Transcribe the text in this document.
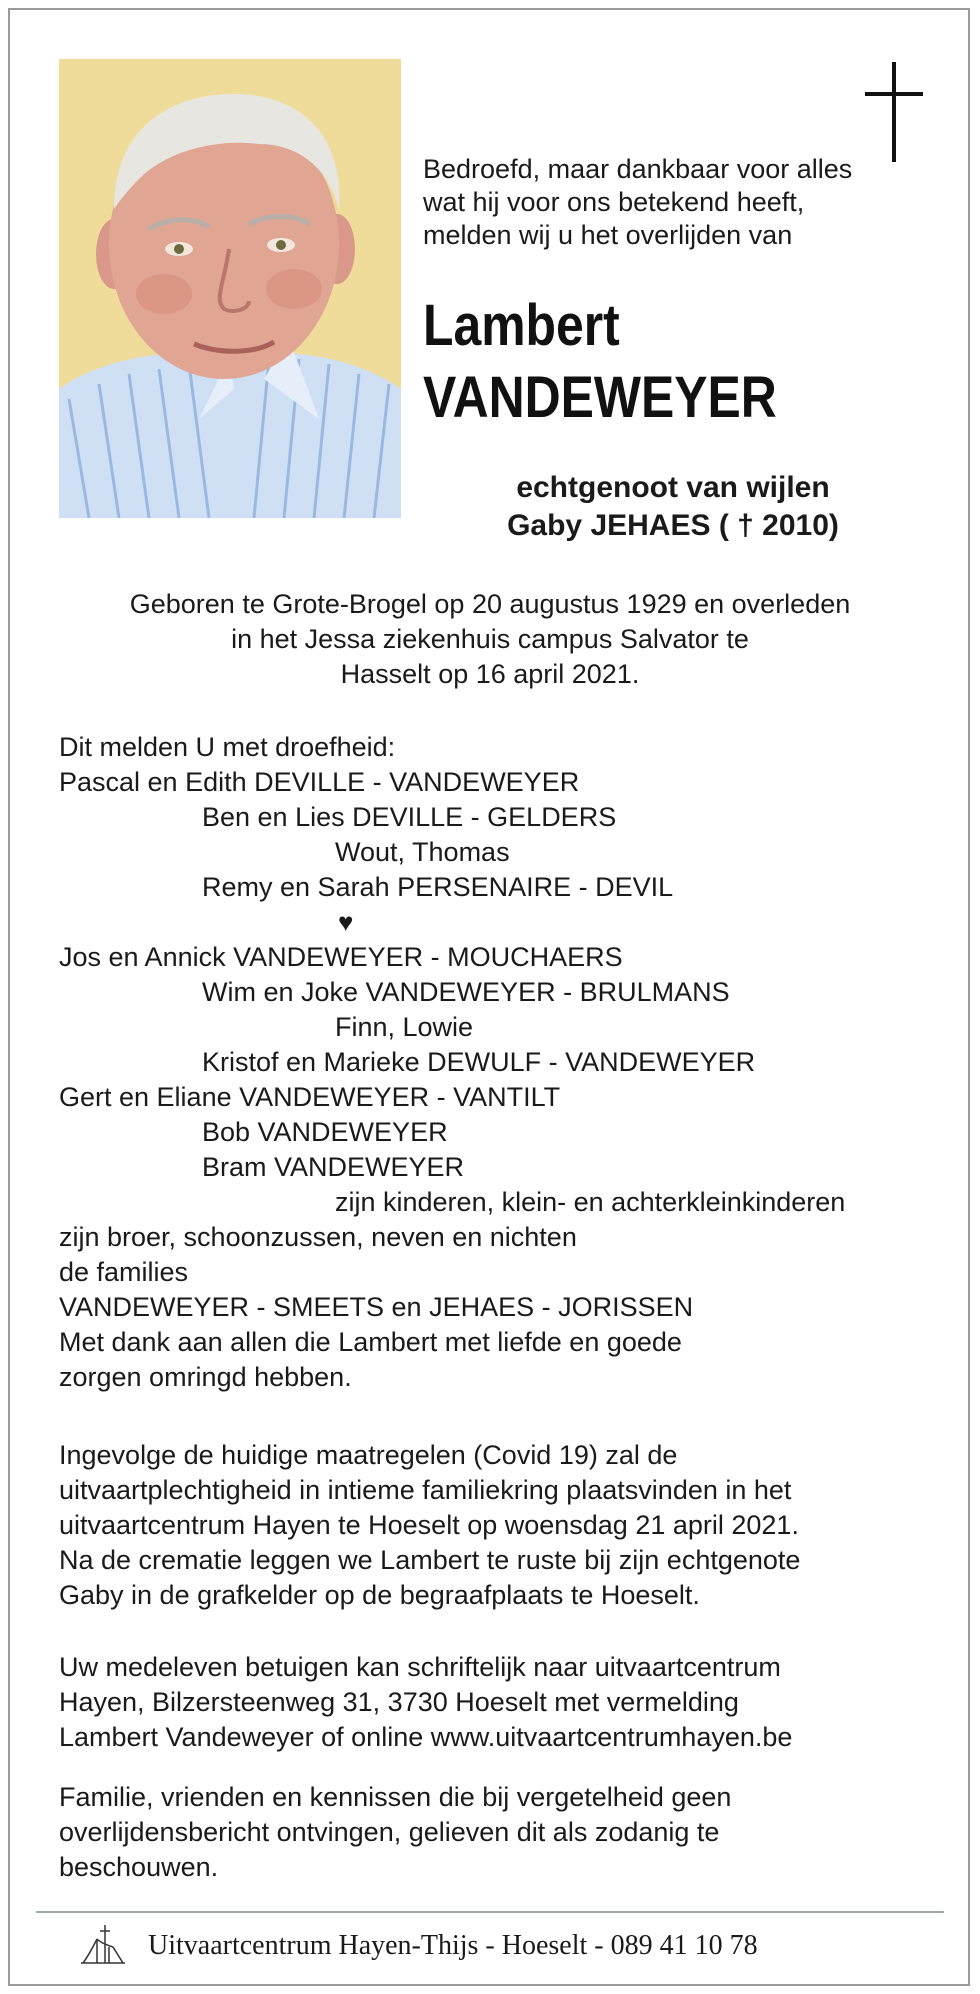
Bedroefd, maar dankbaar voor alles
wat hij voor ons betekend heeft,
melden wij u het overlijden van
Lambert
VANDEWEYER
echtgenoot van wijlen
Gaby JEHAES ( † 2010)
Geboren te Grote-Brogel op 20 augustus 1929 en overleden
in het Jessa ziekenhuis campus Salvator te
Hasselt op 16 april 2021.
Dit melden U met droefheid:
Pascal en Edith DEVILLE - VANDEWEYER
Ben en Lies DEVILLE - GELDERS
Wout, Thomas
Remy en Sarah PERSENAIRE - DEVIL
♥
Jos en Annick VANDEWEYER - MOUCHAERS
Wim en Joke VANDEWEYER - BRULMANS
Finn, Lowie
Kristof en Marieke DEWULF - VANDEWEYER
Gert en Eliane VANDEWEYER - VANTILT
Bob VANDEWEYER
Bram VANDEWEYER
zijn kinderen, klein- en achterkleinkinderen
zijn broer, schoonzussen, neven en nichten
de families
VANDEWEYER - SMEETS en JEHAES - JORISSEN
Met dank aan allen die Lambert met liefde en goede
zorgen omringd hebben.
Ingevolge de huidige maatregelen (Covid 19) zal de
uitvaartplechtigheid in intieme familiekring plaatsvinden in het
uitvaartcentrum Hayen te Hoeselt op woensdag 21 april 2021.
Na de crematie leggen we Lambert te ruste bij zijn echtgenote
Gaby in de grafkelder op de begraafplaats te Hoeselt.
Uw medeleven betuigen kan schriftelijk naar uitvaartcentrum
Hayen, Bilzersteenweg 31, 3730 Hoeselt met vermelding
Lambert Vandeweyer of online www.uitvaartcentrumhayen.be
Familie, vrienden en kennissen die bij vergetelheid geen
overlijdensbericht ontvingen, gelieven dit als zodanig te
beschouwen.
Uitvaartcentrum Hayen-Thijs - Hoeselt - 089 41 10 78
